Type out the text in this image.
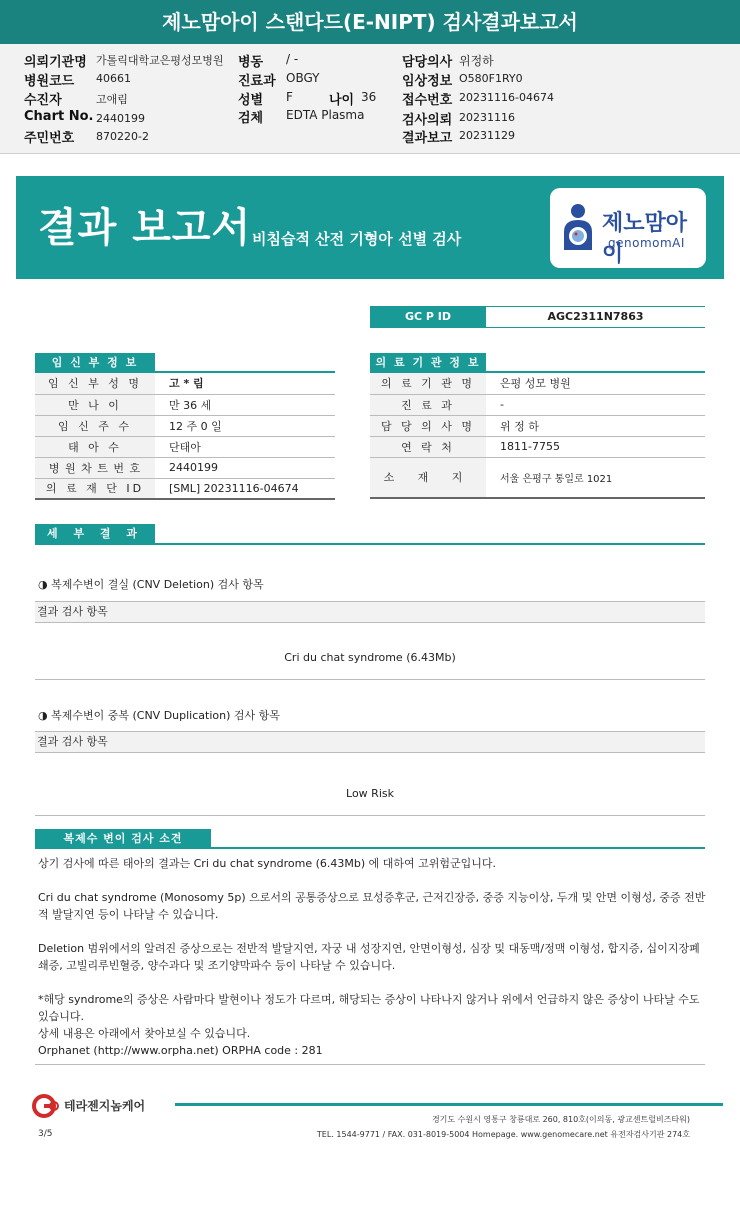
제노맘아이 스탠다드(E-NIPT) 검사결과보고서
의뢰기관명 가톨릭대학교은평성모병원
병원코드 40661
수진자	고애림
Chart No. 2440199
주민번호 870220-2
병동 / -
진료과 OBGY
성별 F	나이 36
검체 EDTA Plasma
담당의사 위정하
임상정보 O580F1RY0
접수번호 20231116-04674
검사의뢰 20231116
결과보고 20231129
결과 보고서 비침습적 산전 기형아 선별 검사
제노맘아이
genomomAI
GC P ID	AGC2311N7863
임 신 부 정 보
임 신 부 성 명	고 * 림
만 나 이	만 36 세
임 신 주 수	12 주 0 일
태 아 수	단태아
병 원 차 트 번 호	2440199
의 료 재 단 ID	[SML] 20231116-04674
의 료 기 관 정 보
의 료 기 관 명	은평 성모 병원
진 료 과	-
담 당 의 사 명	위 정 하
연 락 처	1811-7755
소 재 지	서울 은평구 통일로 1021
세 부 결 과
◑ 복제수변이 결실 (CNV Deletion) 검사 항목
결과 검사 항목
Cri du chat syndrome (6.43Mb)
◑ 복제수변이 중복 (CNV Duplication) 검사 항목
결과 검사 항목
Low Risk
복제수 변이 검사 소견
상기 검사에 따른 태아의 결과는 Cri du chat syndrome (6.43Mb) 에 대하여 고위험군입니다.
Cri du chat syndrome (Monosomy 5p) 으로서의 공통증상으로 묘성증후군, 근저긴장증, 중증 지능이상, 두개 및 안면 이형성, 중증 전반적 발달지연 등이 나타날 수 있습니다.
Deletion 범위에서의 알려진 증상으로는 전반적 발달지연, 자궁 내 성장지연, 안면이형성, 심장 및 대동맥/정맥 이형성, 합지증, 십이지장폐쇄증, 고빌리루빈혈증, 양수과다 및 조기양막파수 등이 나타날 수 있습니다.
*해당 syndrome의 증상은 사람마다 발현이나 정도가 다르며, 해당되는 증상이 나타나지 않거나 위에서 언급하지 않은 증상이 나타날 수도 있습니다.
상세 내용은 아래에서 찾아보실 수 있습니다.
Orphanet (http://www.orpha.net) ORPHA code : 281
테라젠지놈케어
경기도 수원시 영통구 창룡대로 260, 810호(이의동, 광교센트럴비즈타워)
TEL. 1544-9771 / FAX. 031-8019-5004 Homepage. www.genomecare.net 유전자검사기관 274호
3/5
